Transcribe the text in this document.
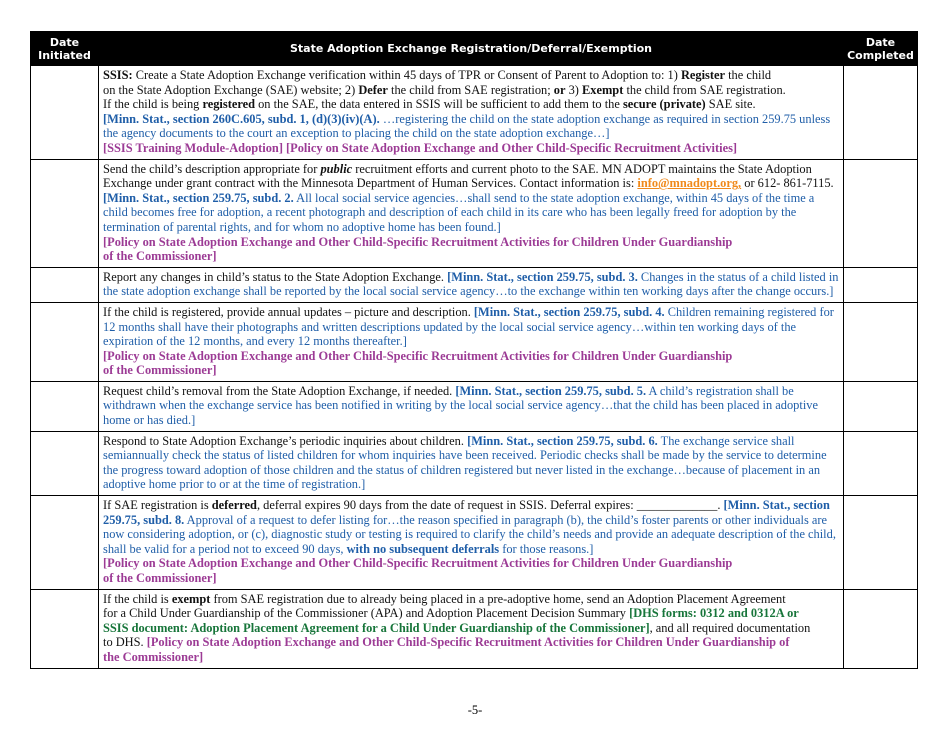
Date Initiated	State Adoption Exchange Registration/Deferral/Exemption	Date Completed
	SSIS: Create a State Adoption Exchange verification within 45 days of TPR or Consent of Parent to Adoption to: 1) Register the child
on the State Adoption Exchange (SAE) website; 2) Defer the child from SAE registration; or 3) Exempt the child from SAE registration.
If the child is being registered on the SAE, the data entered in SSIS will be sufficient to add them to the secure (private) SAE site.
[Minn. Stat., section 260C.605, subd. 1, (d)(3)(iv)(A). …registering the child on the state adoption exchange as required in section 259.75 unless the agency documents to the court an exception to placing the child on the state adoption exchange…]
[SSIS Training Module-Adoption] [Policy on State Adoption Exchange and Other Child-Specific Recruitment Activities]	
	Send the child’s description appropriate for public recruitment efforts and current photo to the SAE. MN ADOPT maintains the State Adoption Exchange under grant contract with the Minnesota Department of Human Services. Contact information is: info@mnadopt.org, or 612- 861-7115. [Minn. Stat., section 259.75, subd. 2. All local social service agencies…shall send to the state adoption exchange, within 45 days of the time a child becomes free for adoption, a recent photograph and description of each child in its care who has been legally freed for adoption by the termination of parental rights, and for whom no adoptive home has been found.]
[Policy on State Adoption Exchange and Other Child-Specific Recruitment Activities for Children Under Guardianship
of the Commissioner]	
	Report any changes in child’s status to the State Adoption Exchange. [Minn. Stat., section 259.75, subd. 3. Changes in the status of a child listed in the state adoption exchange shall be reported by the local social service agency…to the exchange within ten working days after the change occurs.]	
	If the child is registered, provide annual updates – picture and description. [Minn. Stat., section 259.75, subd. 4. Children remaining registered for 12 months shall have their photographs and written descriptions updated by the local social service agency…within ten working days of the expiration of the 12 months, and every 12 months thereafter.]
[Policy on State Adoption Exchange and Other Child-Specific Recruitment Activities for Children Under Guardianship
of the Commissioner]	
	Request child’s removal from the State Adoption Exchange, if needed. [Minn. Stat., section 259.75, subd. 5. A child’s registration shall be withdrawn when the exchange service has been notified in writing by the local social service agency…that the child has been placed in adoptive home or has died.]	
	Respond to State Adoption Exchange’s periodic inquiries about children. [Minn. Stat., section 259.75, subd. 6. The exchange service shall semiannually check the status of listed children for whom inquiries have been received. Periodic checks shall be made by the service to determine the progress toward adoption of those children and the status of children registered but never listed in the exchange…because of placement in an adoptive home prior to or at the time of registration.]	
	If SAE registration is deferred, deferral expires 90 days from the date of request in SSIS. Deferral expires: _____________. [Minn. Stat., section 259.75, subd. 8. Approval of a request to defer listing for…the reason specified in paragraph (b), the child’s foster parents or other individuals are now considering adoption, or (c), diagnostic study or testing is required to clarify the child’s needs and provide an adequate description of the child, shall be valid for a period not to exceed 90 days, with no subsequent deferrals for those reasons.]
[Policy on State Adoption Exchange and Other Child-Specific Recruitment Activities for Children Under Guardianship
of the Commissioner]	
	If the child is exempt from SAE registration due to already being placed in a pre-adoptive home, send an Adoption Placement Agreement
for a Child Under Guardianship of the Commissioner (APA) and Adoption Placement Decision Summary [DHS forms: 0312 and 0312A or
SSIS document: Adoption Placement Agreement for a Child Under Guardianship of the Commissioner], and all required documentation
to DHS. [Policy on State Adoption Exchange and Other Child-Specific Recruitment Activities for Children Under Guardianship of
the Commissioner]	
-5-
